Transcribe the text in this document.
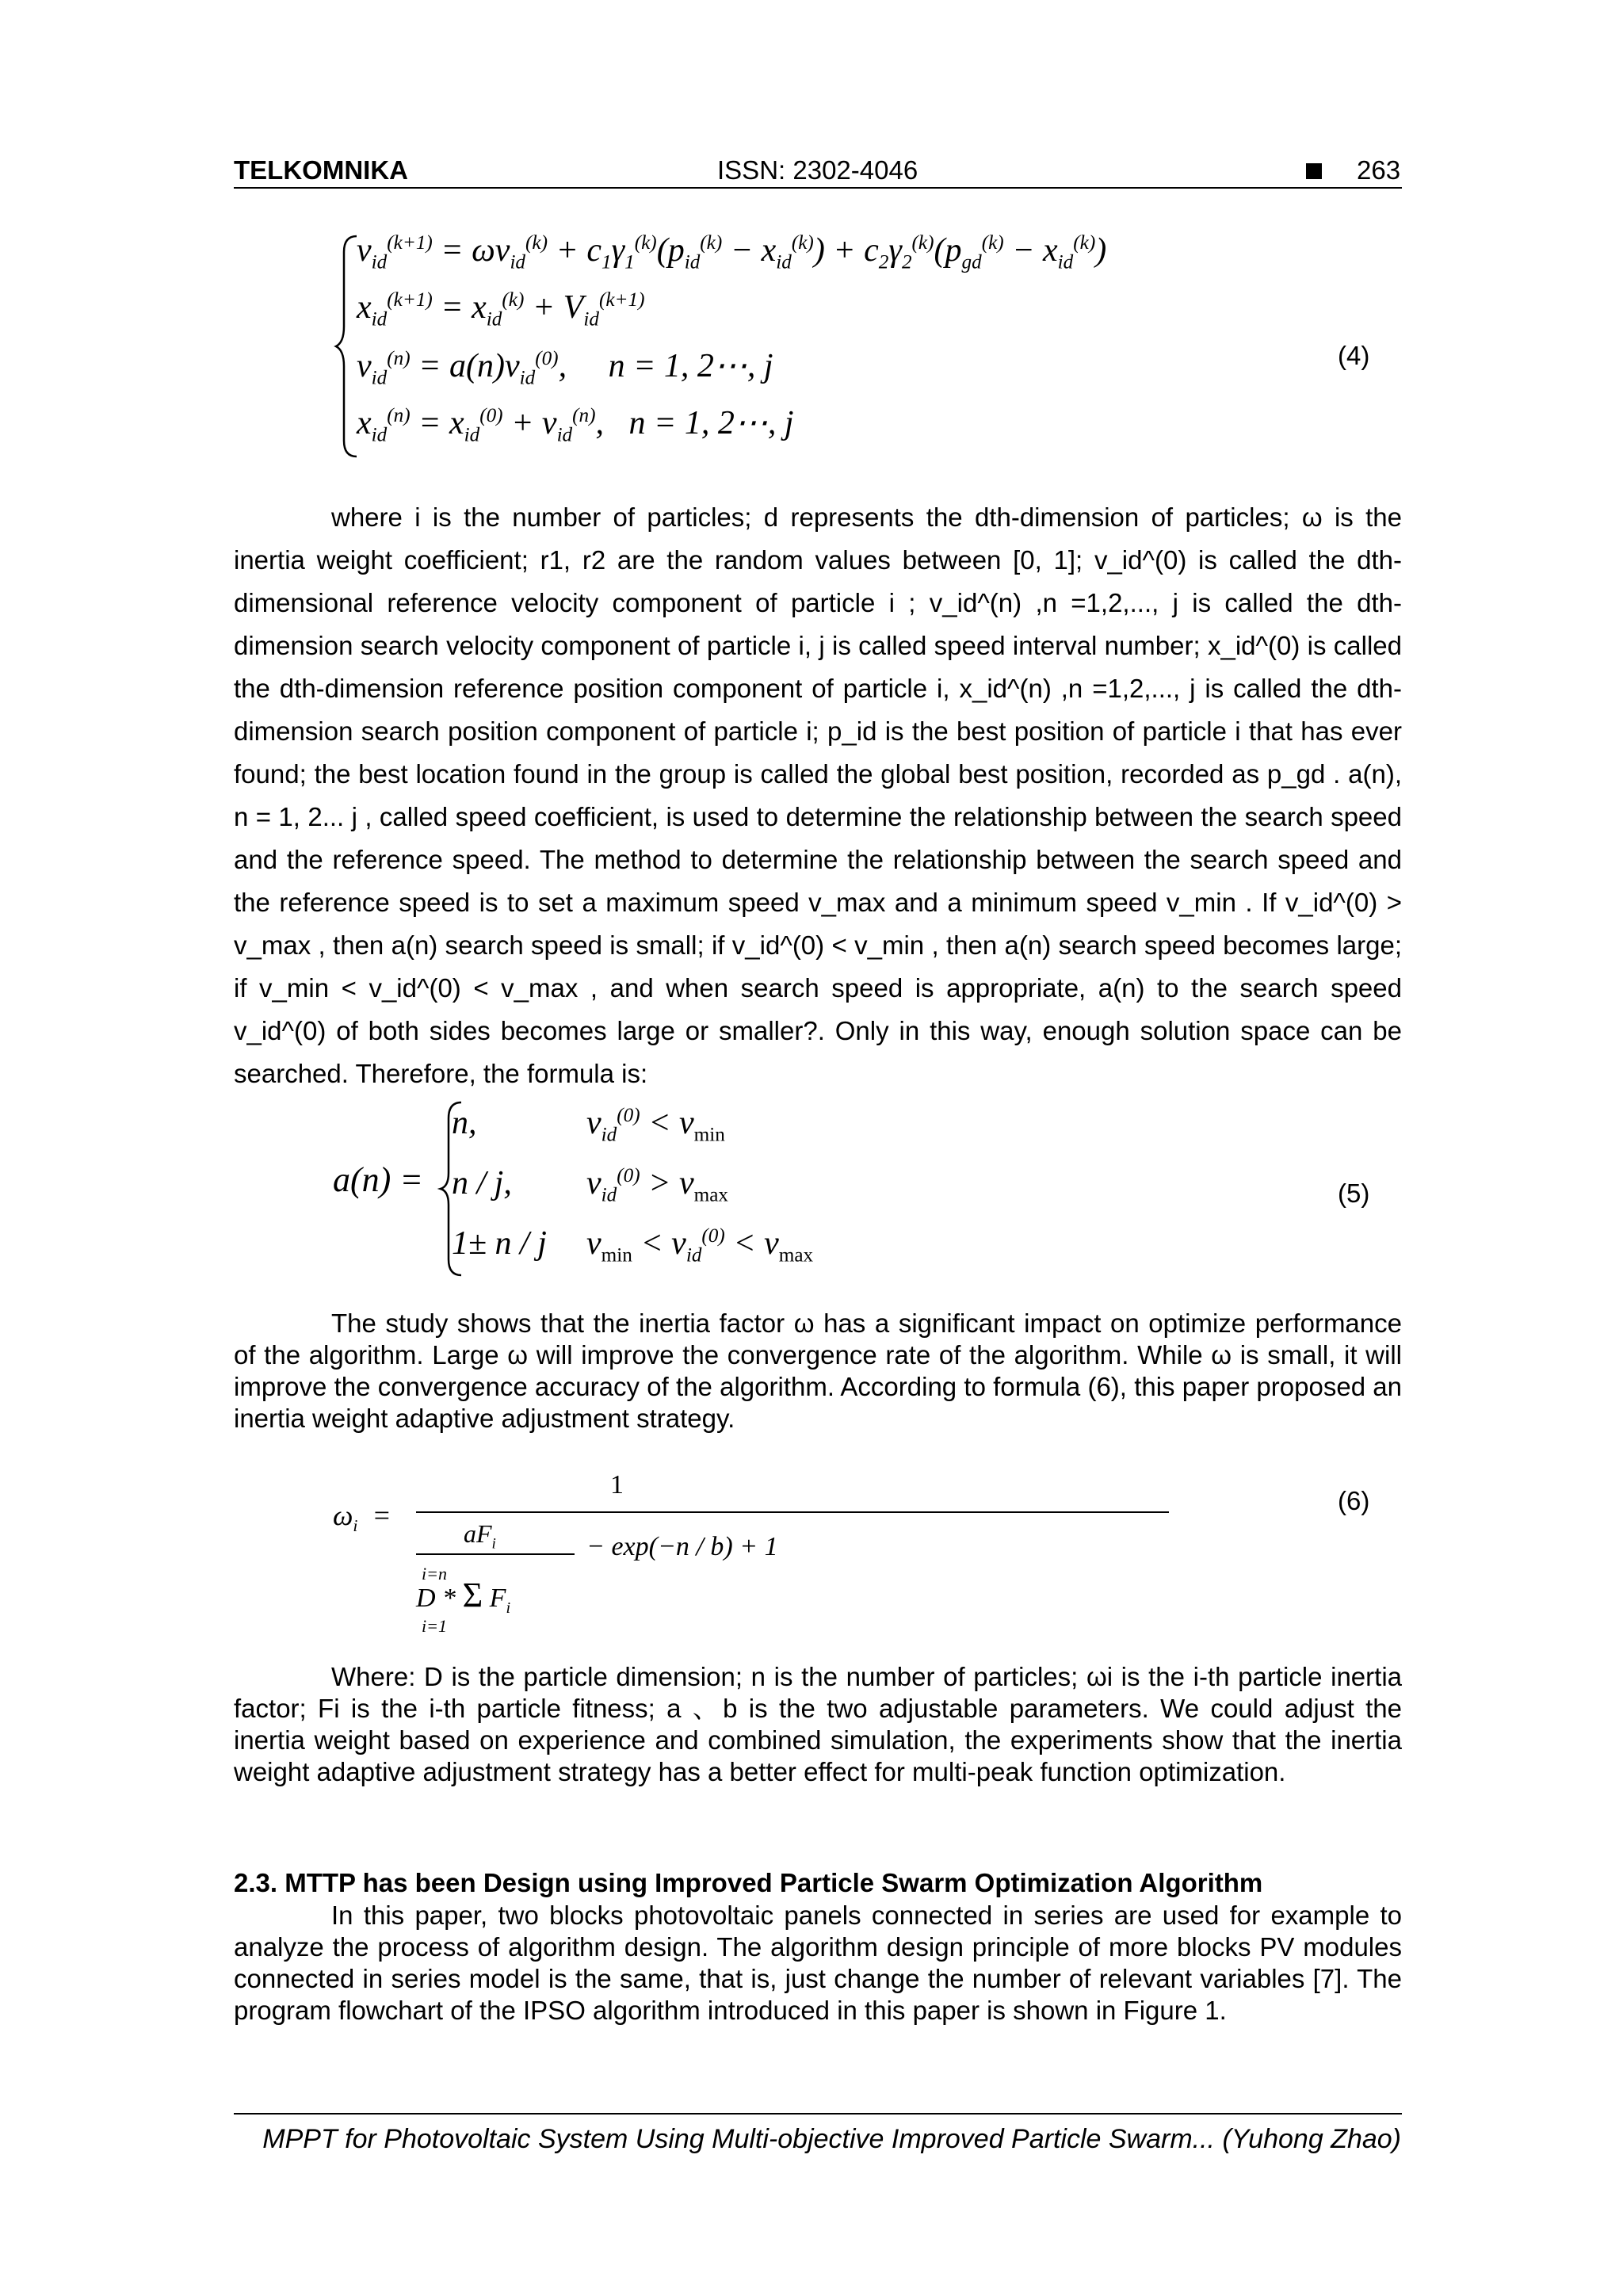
TELKOMNIKA	ISSN: 2302-4046	263
$v_{id}^{(k+1)} = \omega v_{id}^{(k)} + c_1\gamma_1^{(k)}(p_{id}^{(k)} - x_{id}^{(k)}) + c_2\gamma_2^{(k)}(p_{gd}^{(k)} - x_{id}^{(k)})$
$x_{id}^{(k+1)} = x_{id}^{(k)} + V_{id}^{(k+1)}$
$v_{id}^{(n)} = a(n)v_{id}^{(0)}$,     n = 1, 2⋯, j
$x_{id}^{(n)} = x_{id}^{(0)} + v_{id}^{(n)}$,   n = 1, 2⋯, j
(4)
where i is the number of particles; d represents the dth-dimension of particles; ω is the inertia weight coefficient; r1, r2 are the random values between [0, 1]; v_id^(0) is called the dth-dimensional reference velocity component of particle i ; v_id^(n) ,n =1,2,..., j is called the dth-dimension search velocity component of particle i, j is called speed interval number; x_id^(0) is called the dth-dimension reference position component of particle i, x_id^(n) ,n =1,2,..., j is called the dth-dimension search position component of particle i; p_id is the best position of particle i that has ever found; the best location found in the group is called the global best position, recorded as p_gd . a(n), n = 1, 2... j , called speed coefficient, is used to determine the relationship between the search speed and the reference speed. The method to determine the relationship between the search speed and the reference speed is to set a maximum speed v_max and a minimum speed v_min . If v_id^(0) > v_max , then a(n) search speed is small; if v_id^(0) < v_min , then a(n) search speed becomes large; if v_min < v_id^(0) < v_max , and when search speed is appropriate, a(n) to the search speed v_id^(0) of both sides becomes large or smaller?. Only in this way, enough solution space can be searched. Therefore, the formula is:
a(n) =
n,	$v_{id}^{(0)} < v_{min}$
n / j, $v_{id}^{(0)} > v_{max}$
1± n / j $v_{min} < v_{id}^{(0)} < v_{max}$
(5)
The study shows that the inertia factor ω has a significant impact on optimize performance of the algorithm. Large ω will improve the convergence rate of the algorithm. While ω is small, it will improve the convergence accuracy of the algorithm. According to formula (6), this paper proposed an inertia weight adaptive adjustment strategy.
$\omega_i$  =
1
$aF_i$	− exp(−n / b) + 1
i=n
D * Σ $F_i$
i=1
(6)
Where: D is the particle dimension; n is the number of particles; ωi is the i-th particle inertia factor; Fi is the i-th particle fitness; a 、b is the two adjustable parameters. We could adjust the inertia weight based on experience and combined simulation, the experiments show that the inertia weight adaptive adjustment strategy has a better effect for multi-peak function optimization.
2.3. MTTP has been Design using Improved Particle Swarm Optimization Algorithm
In this paper, two blocks photovoltaic panels connected in series are used for example to analyze the process of algorithm design. The algorithm design principle of more blocks PV modules connected in series model is the same, that is, just change the number of relevant variables [7]. The program flowchart of the IPSO algorithm introduced in this paper is shown in Figure 1.
MPPT for Photovoltaic System Using Multi-objective Improved Particle Swarm... (Yuhong Zhao)
